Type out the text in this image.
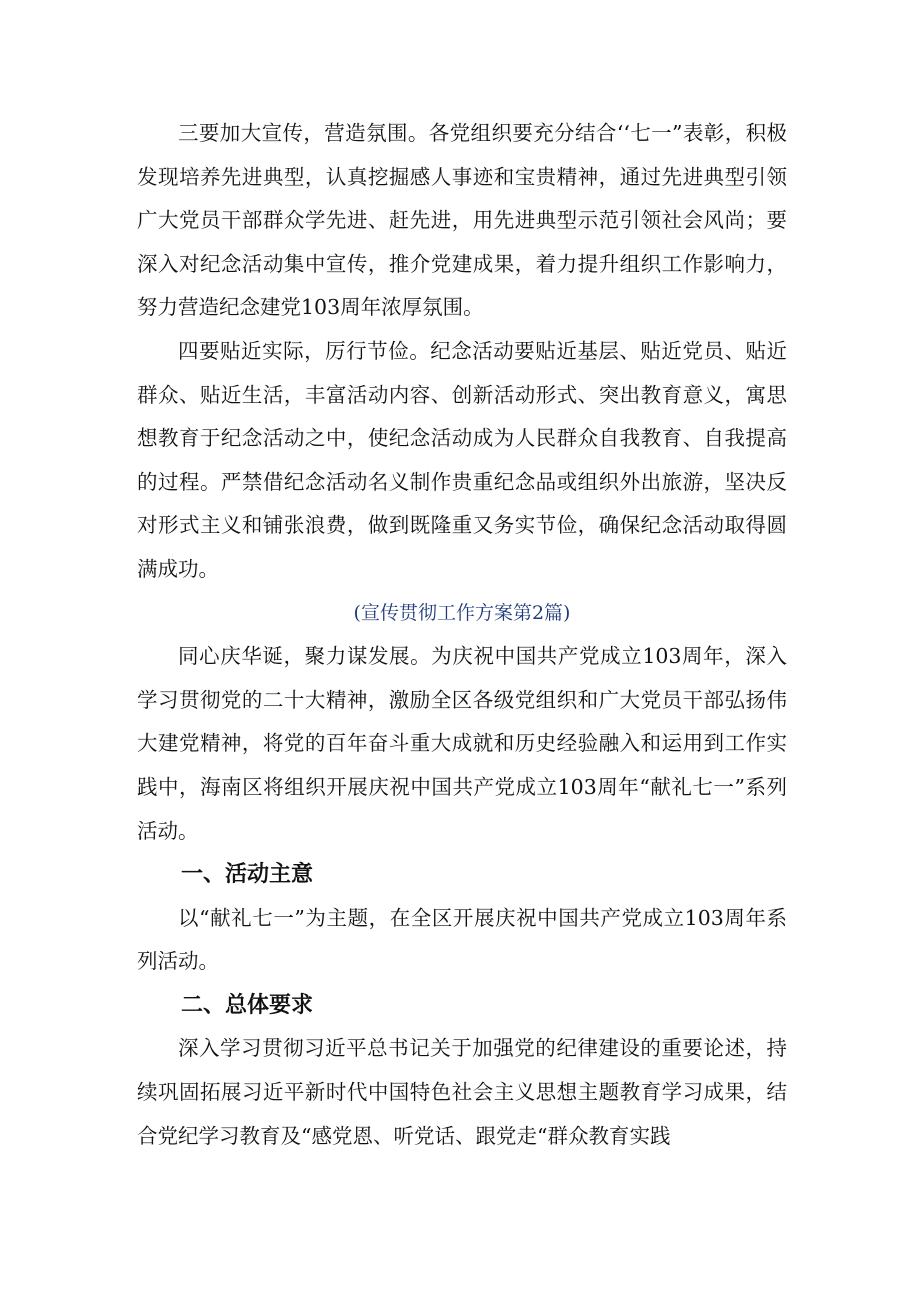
三要加大宣传，营造氛围。各党组织要充分结合‘‘七一”表彰，积极发现培养先进典型，认真挖掘感人事迹和宝贵精神，通过先进典型引领广大党员干部群众学先进、赶先进，用先进典型示范引领社会风尚；要深入对纪念活动集中宣传，推介党建成果，着力提升组织工作影响力，努力营造纪念建党103周年浓厚氛围。

四要贴近实际，厉行节俭。纪念活动要贴近基层、贴近党员、贴近群众、贴近生活，丰富活动内容、创新活动形式、突出教育意义，寓思想教育于纪念活动之中，使纪念活动成为人民群众自我教育、自我提高的过程。严禁借纪念活动名义制作贵重纪念品或组织外出旅游，坚决反对形式主义和铺张浪费，做到既隆重又务实节俭，确保纪念活动取得圆满成功。

(宣传贯彻工作方案第2篇)

同心庆华诞，聚力谋发展。为庆祝中国共产党成立103周年，深入学习贯彻党的二十大精神，激励全区各级党组织和广大党员干部弘扬伟大建党精神，将党的百年奋斗重大成就和历史经验融入和运用到工作实践中，海南区将组织开展庆祝中国共产党成立103周年“献礼七一”系列活动。

一、活动主意

以“献礼七一”为主题，在全区开展庆祝中国共产党成立103周年系列活动。

二、总体要求

深入学习贯彻习近平总书记关于加强党的纪律建设的重要论述，持续巩固拓展习近平新时代中国特色社会主义思想主题教育学习成果，结合党纪学习教育及“感党恩、听党话、跟党走“群众教育实践
